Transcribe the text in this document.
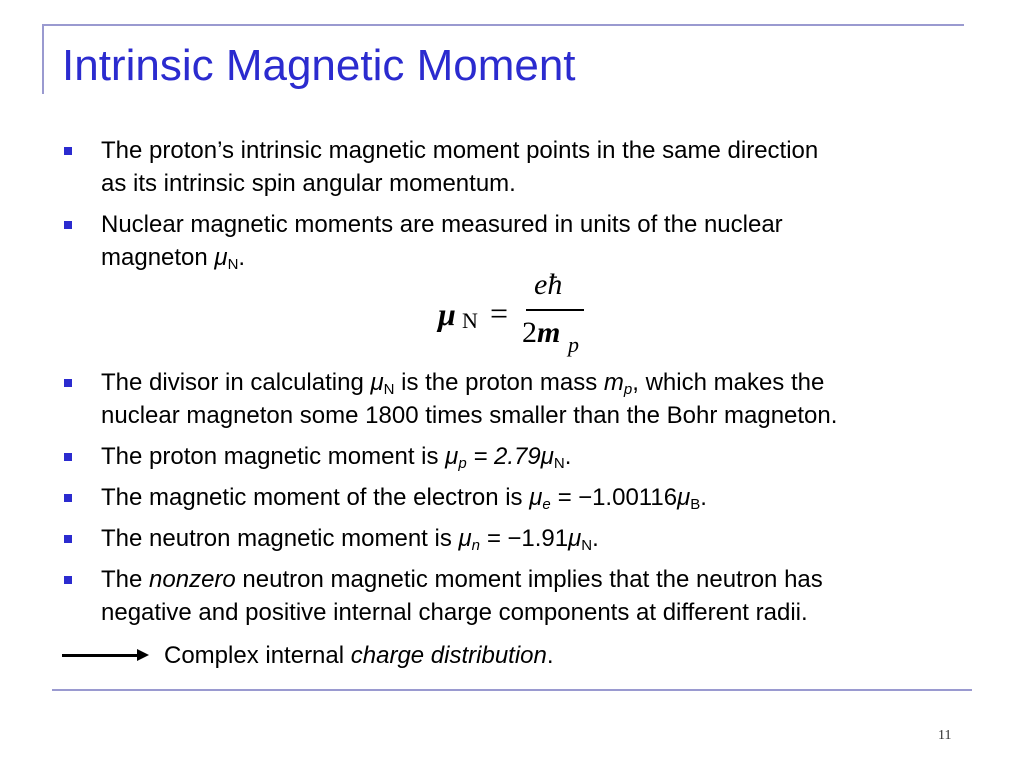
Intrinsic Magnetic Moment
The proton’s intrinsic magnetic moment points in the same direction
as its intrinsic spin angular momentum.
Nuclear magnetic moments are measured in units of the nuclear
magneton $\mu_N$.
μ N =
eħ
2m p
The divisor in calculating $\mu_N$ is the proton mass $m_p$, which makes the
nuclear magneton some 1800 times smaller than the Bohr magneton.
The proton magnetic moment is $\mu_p = 2.79\mu_N$.
The magnetic moment of the electron is $\mu_e = -1.00116\mu_B$.
The neutron magnetic moment is $\mu_n = -1.91\mu_N$.
The nonzero neutron magnetic moment implies that the neutron has
negative and positive internal charge components at different radii.
Complex internal charge distribution.
11
